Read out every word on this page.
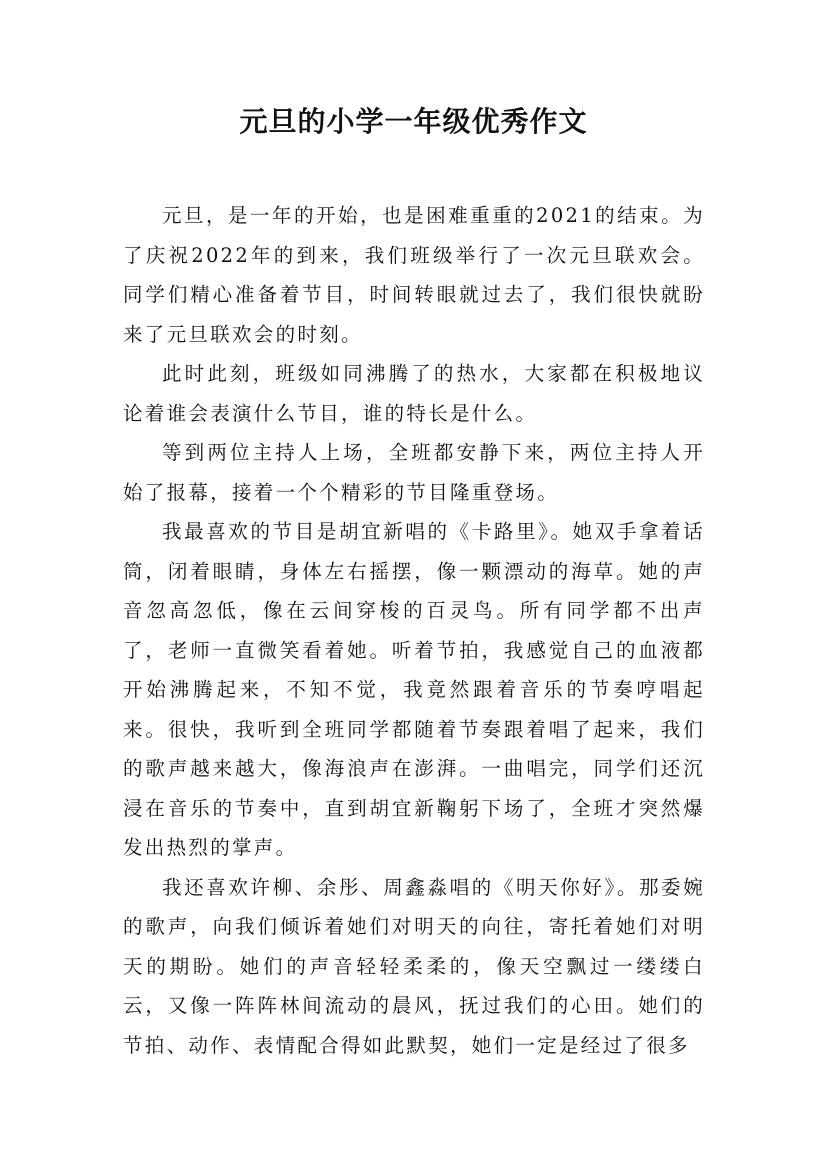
元旦的小学一年级优秀作文

元旦，是一年的开始，也是困难重重的2021的结束。为了庆祝2022年的到来，我们班级举行了一次元旦联欢会。同学们精心准备着节目，时间转眼就过去了，我们很快就盼来了元旦联欢会的时刻。

此时此刻，班级如同沸腾了的热水，大家都在积极地议论着谁会表演什么节目，谁的特长是什么。

等到两位主持人上场，全班都安静下来，两位主持人开始了报幕，接着一个个精彩的节目隆重登场。

我最喜欢的节目是胡宜新唱的《卡路里》。她双手拿着话筒，闭着眼睛，身体左右摇摆，像一颗漂动的海草。她的声音忽高忽低，像在云间穿梭的百灵鸟。所有同学都不出声了，老师一直微笑看着她。听着节拍，我感觉自己的血液都开始沸腾起来，不知不觉，我竟然跟着音乐的节奏哼唱起来。很快，我听到全班同学都随着节奏跟着唱了起来，我们的歌声越来越大，像海浪声在澎湃。一曲唱完，同学们还沉浸在音乐的节奏中，直到胡宜新鞠躬下场了，全班才突然爆发出热烈的掌声。

我还喜欢许柳、余彤、周鑫淼唱的《明天你好》。那委婉的歌声，向我们倾诉着她们对明天的向往，寄托着她们对明天的期盼。她们的声音轻轻柔柔的，像天空飘过一缕缕白云，又像一阵阵林间流动的晨风，抚过我们的心田。她们的节拍、动作、表情配合得如此默契，她们一定是经过了很多
